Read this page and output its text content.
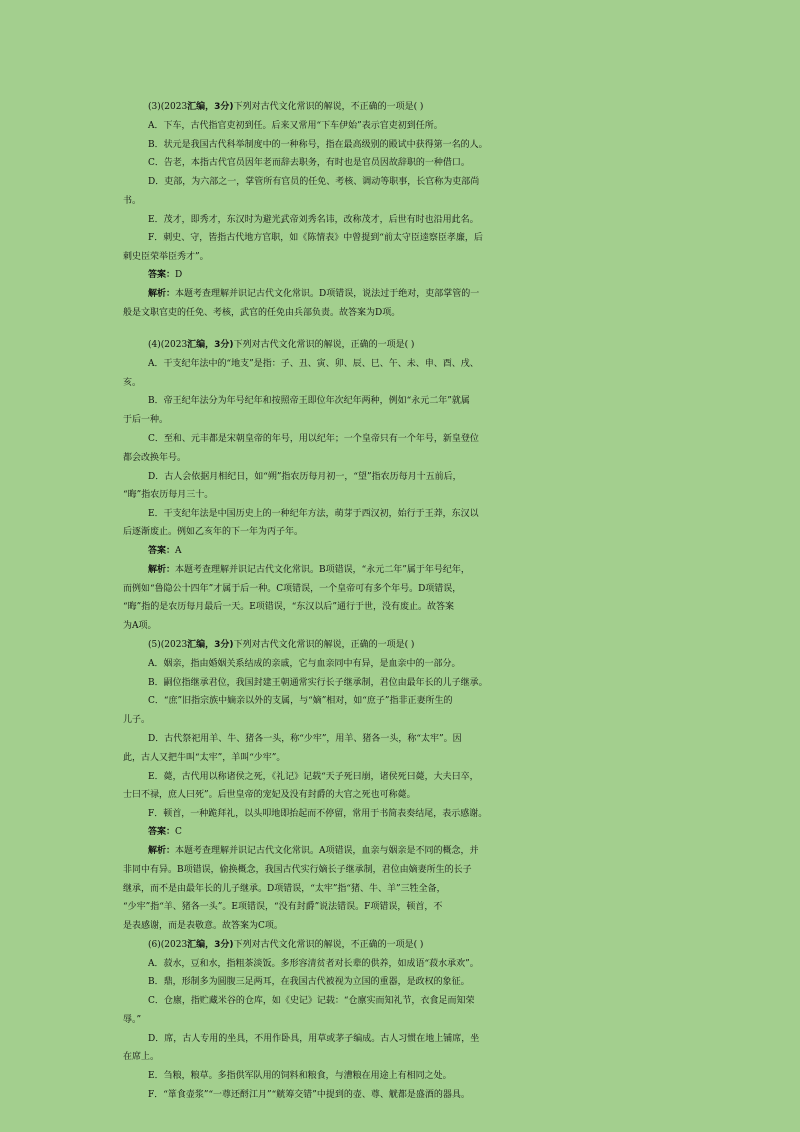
(3)(2023汇编，3分)下列对古代文化常识的解说，不正确的一项是( )
A．下车，古代指官吏初到任。后来又常用“下车伊始”表示官吏初到任所。
B．状元是我国古代科举制度中的一种称号，指在最高级别的殿试中获得第一名的人。
C．告老，本指古代官员因年老而辞去职务，有时也是官员因故辞职的一种借口。
D．吏部，为六部之一，掌管所有官员的任免、考核、调动等职事，长官称为吏部尚
书。
E．茂才，即秀才，东汉时为避光武帝刘秀名讳，改称茂才，后世有时也沿用此名。
F．刺史、守，皆指古代地方官职，如《陈情表》中曾提到“前太守臣逵察臣孝廉，后
刺史臣荣举臣秀才”。
答案：D
解析：本题考查理解并识记古代文化常识。D项错误，说法过于绝对，吏部掌管的一
般是文职官吏的任免、考核，武官的任免由兵部负责。故答案为D项。
(4)(2023汇编，3分)下列对古代文化常识的解说，正确的一项是( )
A．干支纪年法中的“地支”是指：子、丑、寅、卯、辰、巳、午、未、申、酉、戌、
亥。
B．帝王纪年法分为年号纪年和按照帝王即位年次纪年两种，例如“永元二年”就属
于后一种。
C．至和、元丰都是宋朝皇帝的年号，用以纪年；一个皇帝只有一个年号，新皇登位
都会改换年号。
D．古人会依据月相纪日，如“朔”指农历每月初一，“望”指农历每月十五前后，
“晦”指农历每月三十。
E．干支纪年法是中国历史上的一种纪年方法，萌芽于西汉初，始行于王莽，东汉以
后逐渐废止。例如乙亥年的下一年为丙子年。
答案：A
解析：本题考查理解并识记古代文化常识。B项错误，“永元二年”属于年号纪年，
而例如“鲁隐公十四年”才属于后一种。C项错误，一个皇帝可有多个年号。D项错误，
“晦”指的是农历每月最后一天。E项错误，“东汉以后”通行于世，没有废止。故答案
为A项。
(5)(2023汇编，3分)下列对古代文化常识的解说，正确的一项是( )
A．姻亲，指由婚姻关系结成的亲戚，它与血亲同中有异，是血亲中的一部分。
B．嗣位指继承君位，我国封建王朝通常实行长子继承制，君位由最年长的儿子继承。
C．“庶”旧指宗族中嫡亲以外的支属，与“嫡”相对，如“庶子”指非正妻所生的
儿子。
D．古代祭祀用羊、牛、猪各一头，称“少牢”，用羊、猪各一头，称“太牢”。因
此，古人又把牛叫“太牢”，羊叫“少牢”。
E．薨，古代用以称诸侯之死，《礼记》记载“天子死曰崩，诸侯死曰薨，大夫曰卒，
士曰不禄，庶人曰死”。后世皇帝的宠妃及没有封爵的大官之死也可称薨。
F．顿首，一种跪拜礼，以头叩地即抬起而不停留，常用于书简表奏结尾，表示感谢。
答案：C
解析：本题考查理解并识记古代文化常识。A项错误，血亲与姻亲是不同的概念，并
非同中有异。B项错误，偷换概念，我国古代实行嫡长子继承制，君位由嫡妻所生的长子
继承，而不是由最年长的儿子继承。D项错误，“太牢”指“猪、牛、羊”三牲全备，
“少牢”指“羊、猪各一头”。E项错误，“没有封爵”说法错误。F项错误，顿首，不
是表感谢，而是表敬意。故答案为C项。
(6)(2023汇编，3分)下列对古代文化常识的解说，不正确的一项是( )
A．菽水，豆和水，指粗茶淡饭。多形容清贫者对长辈的供养，如成语“菽水承欢”。
B．鼎，形制多为圆腹三足两耳，在我国古代被视为立国的重器，是政权的象征。
C．仓廪，指贮藏米谷的仓库，如《史记》记载：“仓廪实而知礼节，衣食足而知荣
辱。”
D．席，古人专用的坐具，不用作卧具，用草或茅子编成。古人习惯在地上铺席，坐
在席上。
E．刍粮，粮草。多指供军队用的饲料和粮食，与漕粮在用途上有相同之处。
F．“箪食壶浆”“一尊还酹江月”“觥筹交错”中提到的壶、尊、觥都是盛酒的器具。
